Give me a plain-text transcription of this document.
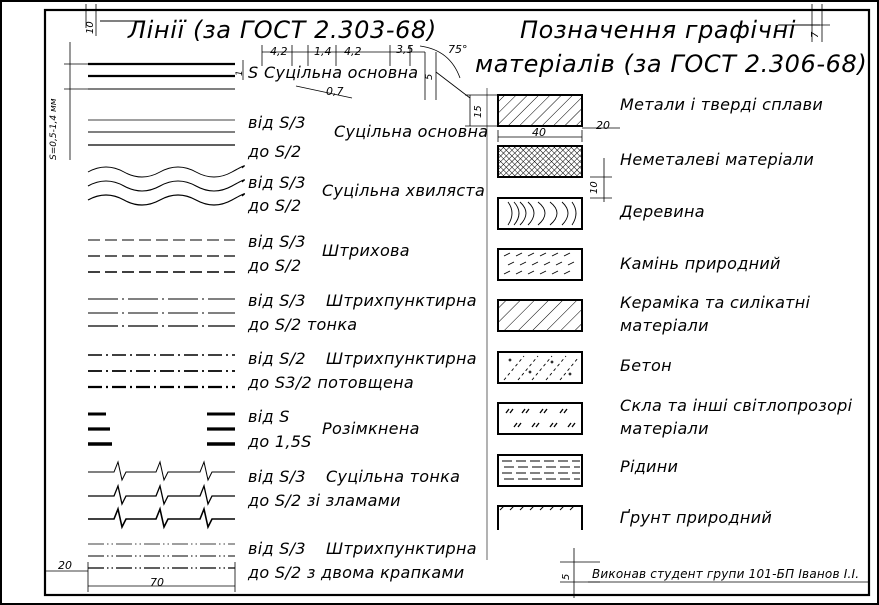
Лінії (за ГОСТ 2.303-68)	Позначення графічні
матеріалів (за ГОСТ 2.306-68)
S Суцільна основна
від S/3
до S/2
Суцільна основна
від S/3
до S/2
Суцільна хвиляста
від S/3
до S/2
Штрихова
від S/3
до S/2 тонка
Штрихпунктирна
від S/2
до S3/2 потовщена
Штрихпунктирна
від S
до 1,5S
Розімкнена
від S/3
до S/2 зі зламами
Суцільна тонка
від S/3
до S/2 з двома крапками
Штрихпунктирна
Метали і тверді сплави
Неметалеві матеріали
Деревина
Камінь природний
Кераміка та силікатні
матеріали
Бетон
Скла та інші світлопрозорі
матеріали
Рідини
Ґрунт природний
S=0,5-1,4 мм
10
7
4,2 1,4 4,2	3,5
0,7
5
75°
1
15
40
20
10
20
70	5 Виконав студент групи 101-БП Іванов І.І.
